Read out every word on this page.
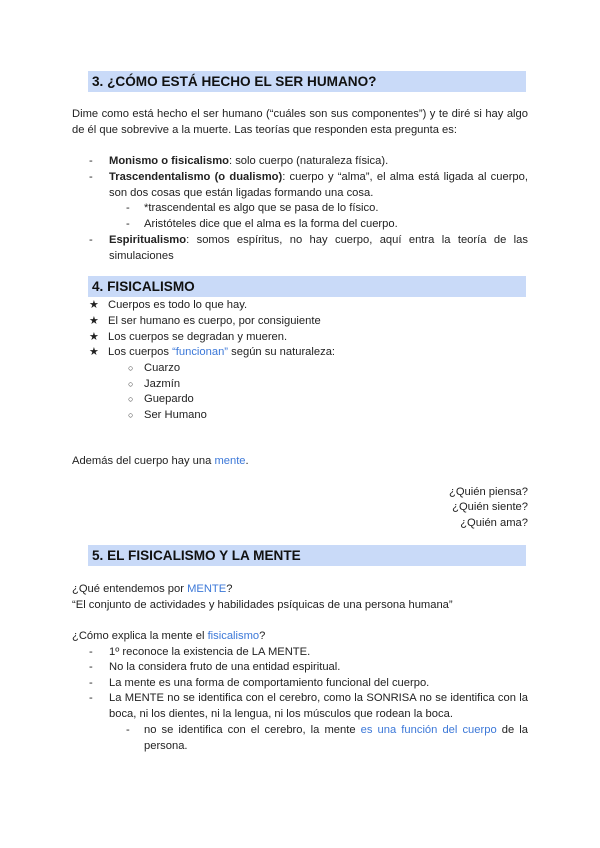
3. ¿CÓMO ESTÁ HECHO EL SER HUMANO?
Dime como está hecho el ser humano (“cuáles son sus componentes”) y te diré si hay algo de él que sobrevive a la muerte. Las teorías que responden esta pregunta es:
- Monismo o fisicalismo: solo cuerpo (naturaleza física).
- Trascendentalismo (o dualismo): cuerpo y “alma”, el alma está ligada al cuerpo, son dos cosas que están ligadas formando una cosa.
- *trascendental es algo que se pasa de lo físico.
- Aristóteles dice que el alma es la forma del cuerpo.
- Espiritualismo: somos espíritus, no hay cuerpo, aquí entra la teoría de las simulaciones
4. FISICALISMO
★ Cuerpos es todo lo que hay.
★ El ser humano es cuerpo, por consiguiente
★ Los cuerpos se degradan y mueren.
★ Los cuerpos “funcionan” según su naturaleza:
○ Cuarzo
○ Jazmín
○ Guepardo
○ Ser Humano
Además del cuerpo hay una mente.
¿Quién piensa?
¿Quién siente?
¿Quién ama?
5. EL FISICALISMO Y LA MENTE
¿Qué entendemos por MENTE?
“El conjunto de actividades y habilidades psíquicas de una persona humana”
¿Cómo explica la mente el fisicalismo?
- 1º reconoce la existencia de LA MENTE.
- No la considera fruto de una entidad espiritual.
- La mente es una forma de comportamiento funcional del cuerpo.
- La MENTE no se identifica con el cerebro, como la SONRISA no se identifica con la boca, ni los dientes, ni la lengua, ni los músculos que rodean la boca.
- no se identifica con el cerebro, la mente es una función del cuerpo de la persona.
